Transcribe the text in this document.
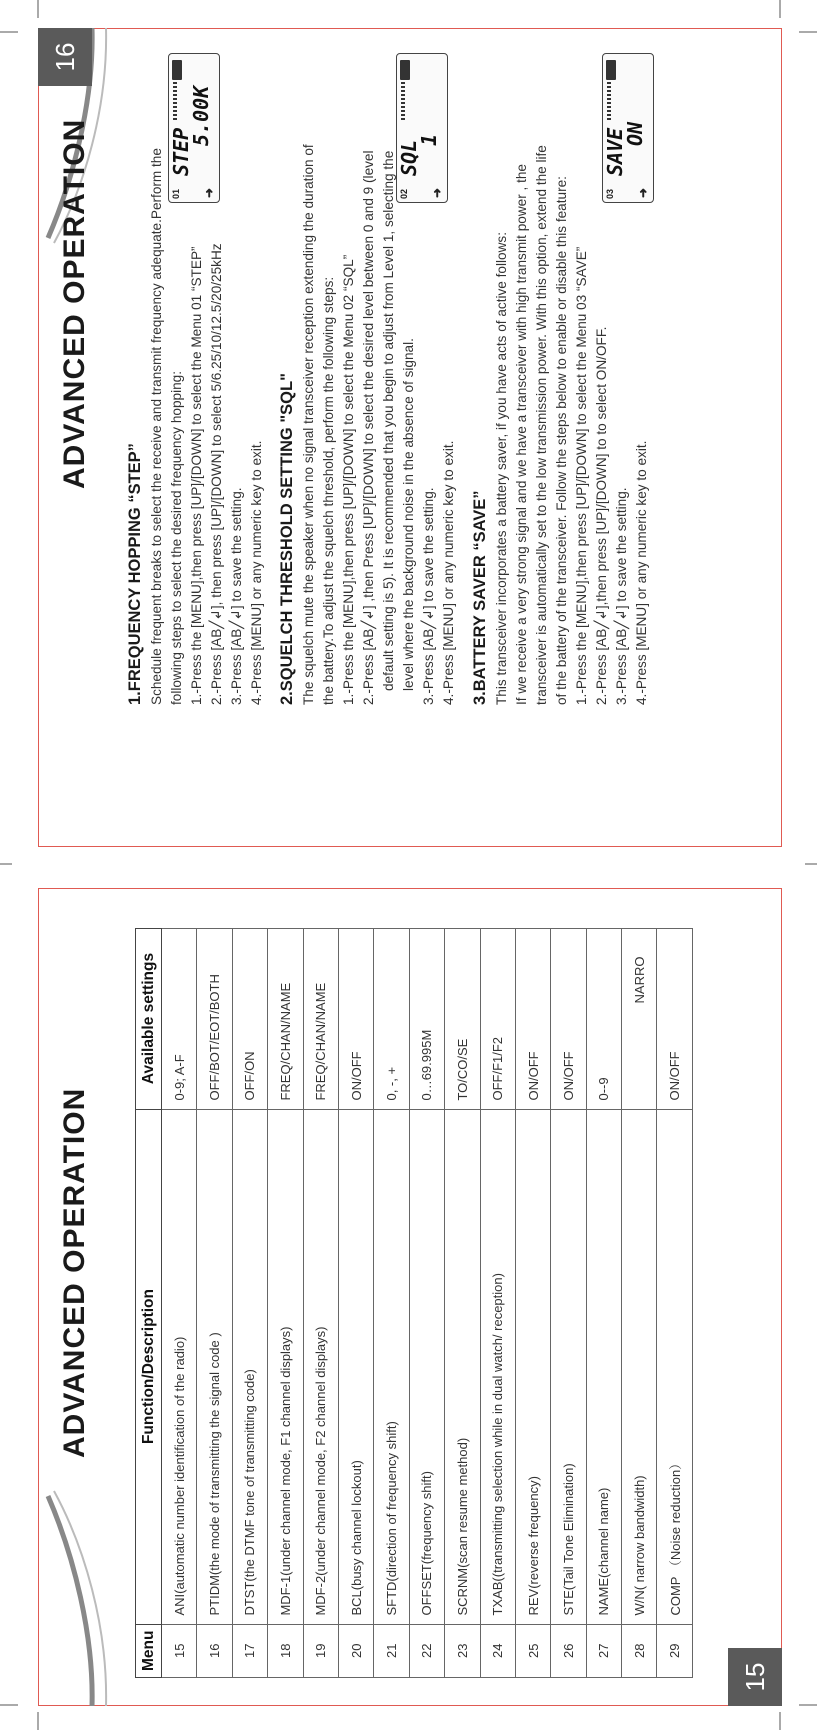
ADVANCED OPERATION
Menu	Function/Description	Available settings
15	ANI(automatic number identification of the radio)	0-9; A-F
16	PTIDM(the mode of transmitting the signal code )	OFF/BOT/EOT/BOTH
17	DTST(the DTMF tone of transmitting code)	OFF/ON
18	MDF-1(under channel mode, F1 channel displays)	FREQ/CHAN/NAME
19	MDF-2(under channel mode, F2 channel displays)	FREQ/CHAN/NAME
20	BCL(busy channel lockout)	ON/OFF
21	SFTD(direction of frequency shift)	0, -, +
22	OFFSET(frequency shift)	0…69.995M
23	SCRNM(scan resume method)	TO/CO/SE
24	TXAB((transmitting selection while in dual watch/ reception)	OFF/F1/F2
25	REV(reverse frequency)	ON/OFF
26	STE(Tail Tone Elimination)	ON/OFF
27	NAME(channel name)	0--9
28	W/N( narrow bandwidth)	NARRO
29	COMP （Noise reduction）	ON/OFF
15
ADVANCED OPERATION

1.FREQUENCY HOPPING “STEP” Schedule frequent breaks to select the receive and transmit frequency adequate.Perform the following steps to select the desired frequency hopping: 1.-Press the [MENU],then press [UP]/[DOWN] to select the Menu 01 “STEP” 2.-Press [AB╱↲], then press [UP]/[DOWN] to select 5/6.25/10/12.5/20/25kHz 3.-Press [AB╱↲] to save the setting. 4.-Press [MENU] or any numeric key to exit.

01
STEP
5.00K
➜

2.SQUELCH THRESHOLD SETTING "SQL" The squelch mute the speaker when no signal transceiver reception extending the duration of the battery.To adjust the squelch threshold, perform the following steps: 1.-Press the [MENU],then press [UP]/[DOWN] to select the Menu 02 “SQL” 2.-Press [AB╱↲] ,then Press [UP]/[DOWN] to select the desired level between 0 and 9 (level default setting is 5). It is recommended that you begin to adjust from Level 1, selecting the level where the background noise in the absence of signal. 3.-Press [AB╱↲] to save the setting. 4.-Press [MENU] or any numeric key to exit.

02
SQL
1
➜

3.BATTERY SAVER “SAVE” This transceiver incorporates a battery saver, if you have acts of active follows: If we receive a very strong signal and we have a transceiver with high transmit power , the transceiver is automatically set to the low transmission power. With this option, extend the life of the battery of the transceiver. Follow the steps below to enable or disable this feature: 1.-Press the [MENU],then press [UP]/[DOWN] to select the Menu 03 “SAVE” 2.-Press [AB╱↲],then press [UP]/[DOWN] to to select ON/OFF. 3.-Press [AB╱↲] to save the setting. 4.-Press [MENU] or any numeric key to exit.

03
SAVE
ON
➜
16
